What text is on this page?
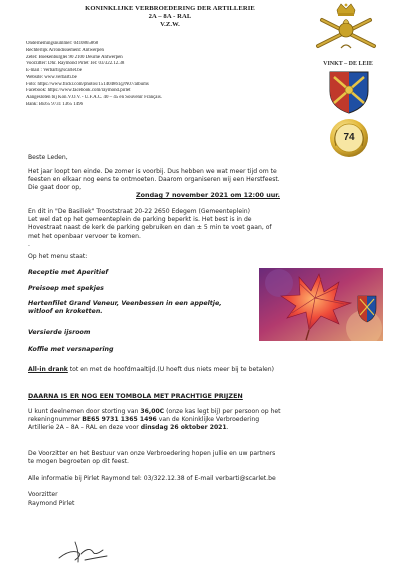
KONINKLIJKE VERBROEDERING DER ARTILLERIE
2A – 8A - RAL
V.Z.W.
Ondernemingsnummer: 0410865868
Rechterlijk Arrondissement: Antwerpen
Zetel: Boekenburglei 90 2100 Deurne Antwerpen
Voorzitter: Dhr. Raymond Pirlet Tel: 03/322.12.38
E-mail : Verbarti@scarlet.be
Website: www.verbarti.be
Foto: https://www.flickr.com/photos/151404861@N07/albums
Facebook: https://www.facebook.com/raymond.pirlet
Aangesloten bij Kon.V.O.V. - U.F.A.C. 40 – 45 en Souvenir Français.
Bank: BE65 9731 1365 1496
VINKT – DE LEIE
74
Beste Leden,
Het jaar loopt ten einde. De zomer is voorbij. Dus hebben we wat meer tijd om te
feesten en elkaar nog eens te ontmoeten. Daarom organiseren wij een Herstfeest.
Die gaat door op,
Zondag 7 november 2021 om 12:00 uur.
En dit in "De Basiliek" Trooststraat 20-22 2650 Edegem (Gemeenteplein)
Let wel dat op het gemeenteplein de parking beperkt is. Het best is in de
Hovestraat naast de kerk de parking gebruiken en dan ± 5 min te voet gaan, of
met het openbaar vervoer te komen.
.
Op het menu staat:
Receptie met Aperitief
Preisoep met spekjes
Hertenfilet Grand Veneur, Veenbessen in een appeltje, witloof en kroketten.
Versierde ijsroom
Koffie met versnapering
All-in drank tot en met de hoofdmaaltijd.(U hoeft dus niets meer bij te betalen)
DAARNA IS ER NOG EEN TOMBOLA MET PRACHTIGE PRIJZEN
U kunt deelnemen door storting van 36,00C (onze kas legt bij) per persoon op het
rekeningnummer BE65 9731 1365 1496 van de Koninklijke Verbroedering
Artillerie 2A – 8A – RAL en deze voor dinsdag 26 oktober 2021.
De Voorzitter en het Bestuur van onze Verbroedering hopen jullie en uw partners
te mogen begroeten op dit feest.
Alle informatie bij Pirlet Raymond tel: 03/322.12.38 of E-mail verbarti@scarlet.be
Voorzitter
Raymond Pirlet
